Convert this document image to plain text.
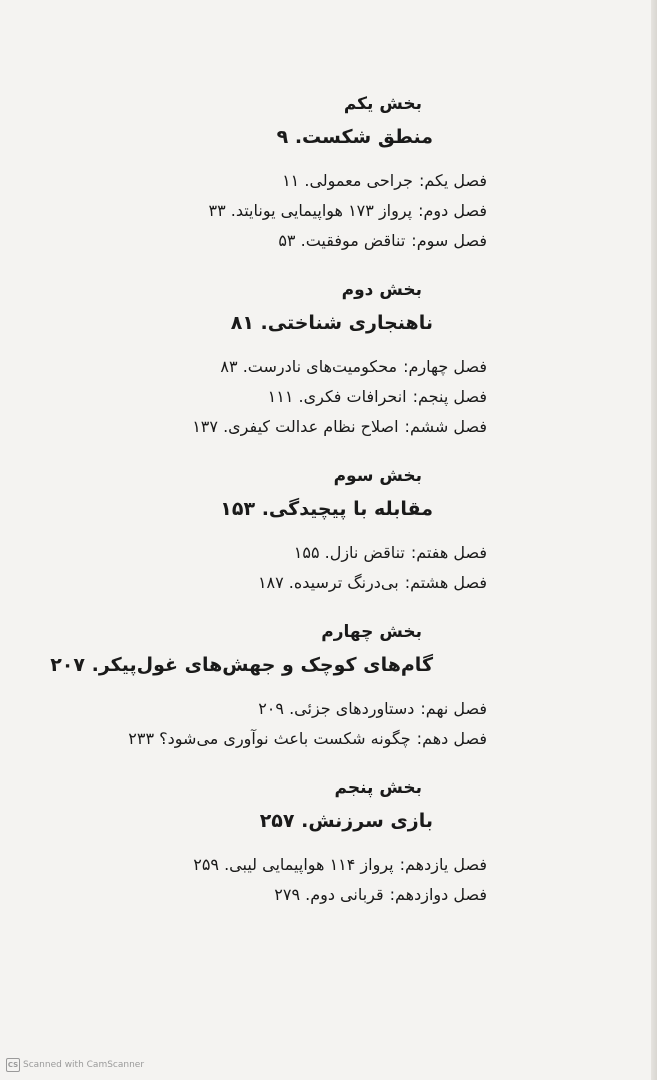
بخش یکم
منطق شکست. ۹
فصل یکم:جراحی معمولی. ۱۱
فصل دوم:پرواز ۱۷۳ هواپیمایی یونایتد. ۳۳
فصل سوم:تناقض موفقیت. ۵۳
بخش دوم
ناهنجاری شناختی. ۸۱
فصل چهارم:محکومیت‌های نادرست. ۸۳
فصل پنجم:انحرافات فکری. ۱۱۱
فصل ششم:اصلاح نظام عدالت کیفری. ۱۳۷
بخش سوم
مقابله با پیچیدگی. ۱۵۳
فصل هفتم:تناقض نازل. ۱۵۵
فصل هشتم:بی‌درنگ ترسیده. ۱۸۷
بخش چهارم
گام‌های کوچک و جهش‌های غول‌پیکر. ۲۰۷
فصل نهم:دستاوردهای جزئی. ۲۰۹
فصل دهم:چگونه شکست باعث نوآوری می‌شود؟ ۲۳۳
بخش پنجم
بازی سرزنش. ۲۵۷
فصل یازدهم:پرواز ۱۱۴ هواپیمایی لیبی. ۲۵۹
فصل دوازدهم:قربانی دوم. ۲۷۹
CS Scanned with CamScanner
